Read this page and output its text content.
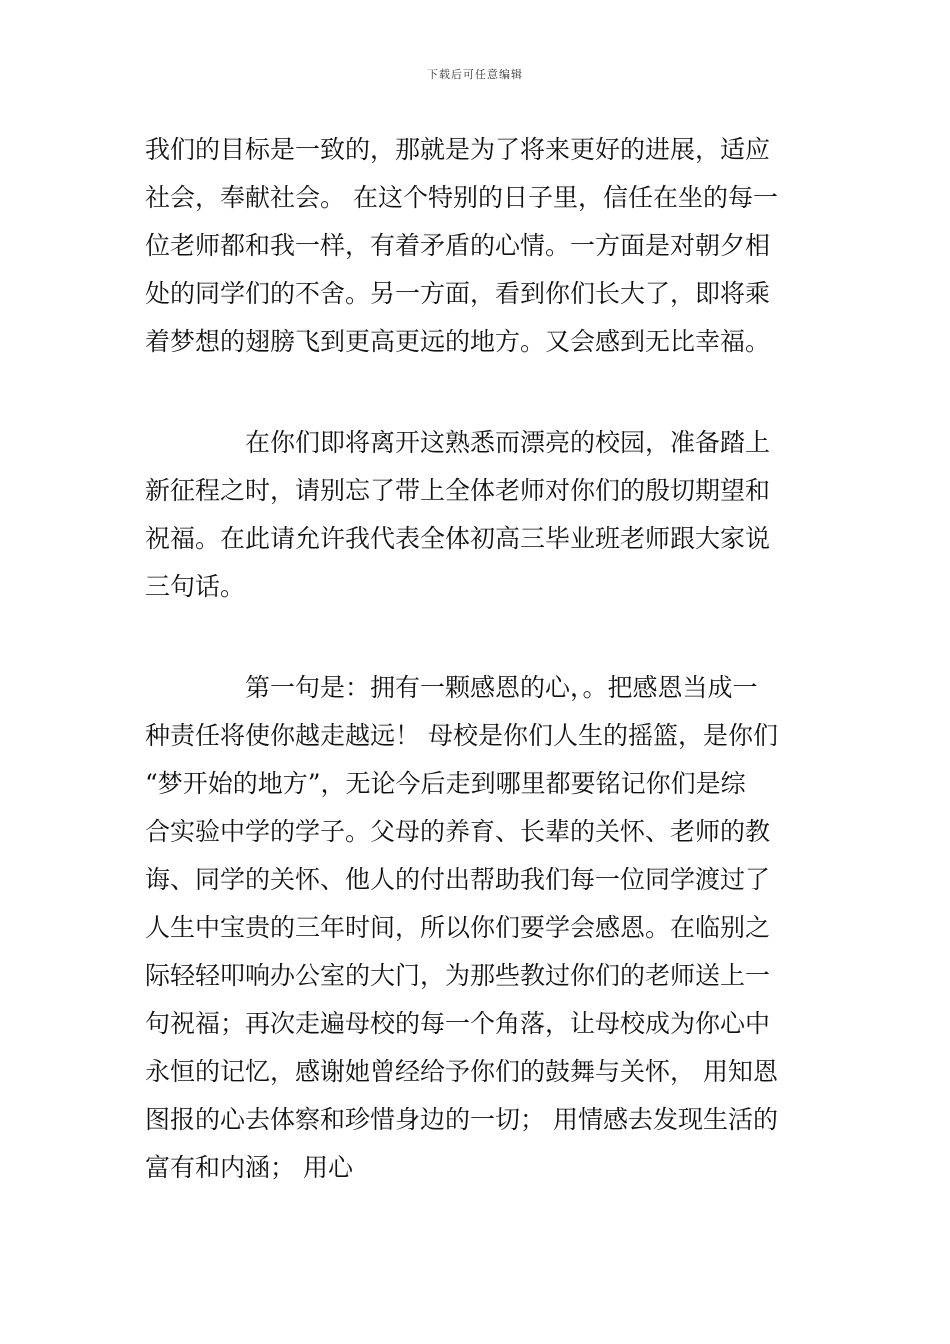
下载后可任意编辑
我们的目标是一致的，那就是为了将来更好的进展，适应
社会，奉献社会。 在这个特别的日子里，信任在坐的每一
位老师都和我一样，有着矛盾的心情。一方面是对朝夕相
处的同学们的不舍。另一方面，看到你们长大了，即将乘
着梦想的翅膀飞到更高更远的地方。又会感到无比幸福。
　　　　在你们即将离开这熟悉而漂亮的校园，准备踏上
新征程之时，请别忘了带上全体老师对你们的殷切期望和
祝福。在此请允许我代表全体初高三毕业班老师跟大家说
三句话。
　　　　第一句是：拥有一颗感恩的心，。把感恩当成一
种责任将使你越走越远！ 母校是你们人生的摇篮，是你们
“梦开始的地方”，无论今后走到哪里都要铭记你们是综
合实验中学的学子。父母的养育、长辈的关怀、老师的教
诲、同学的关怀、他人的付出帮助我们每一位同学渡过了
人生中宝贵的三年时间，所以你们要学会感恩。在临别之
际轻轻叩响办公室的大门，为那些教过你们的老师送上一
句祝福；再次走遍母校的每一个角落，让母校成为你心中
永恒的记忆，感谢她曾经给予你们的鼓舞与关怀， 用知恩
图报的心去体察和珍惜身边的一切； 用情感去发现生活的
富有和内涵； 用心
